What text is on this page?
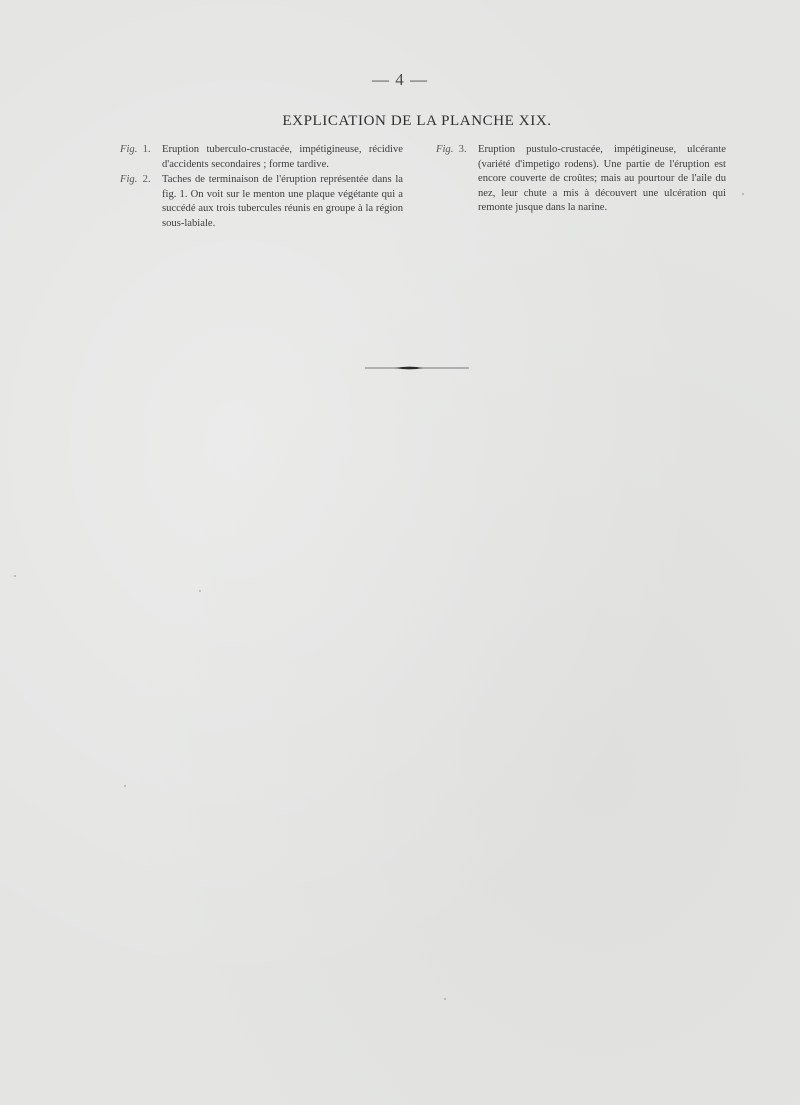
— 4 —
EXPLICATION DE LA PLANCHE XIX.
Fig. 1. Eruption tuberculo-crustacée, impétigineuse, récidive d'accidents secondaires ; forme tardive.
Fig. 2. Taches de terminaison de l'éruption représentée dans la fig. 1. On voit sur le menton une plaque végétante qui a succédé aux trois tubercules réunis en groupe à la région sous-labiale.
Fig. 3. Eruption pustulo-crustacée, impétigineuse, ulcérante (variété d'impetigo rodens). Une partie de l'éruption est encore couverte de croûtes; mais au pourtour de l'aile du nez, leur chute a mis à découvert une ulcération qui remonte jusque dans la narine.
